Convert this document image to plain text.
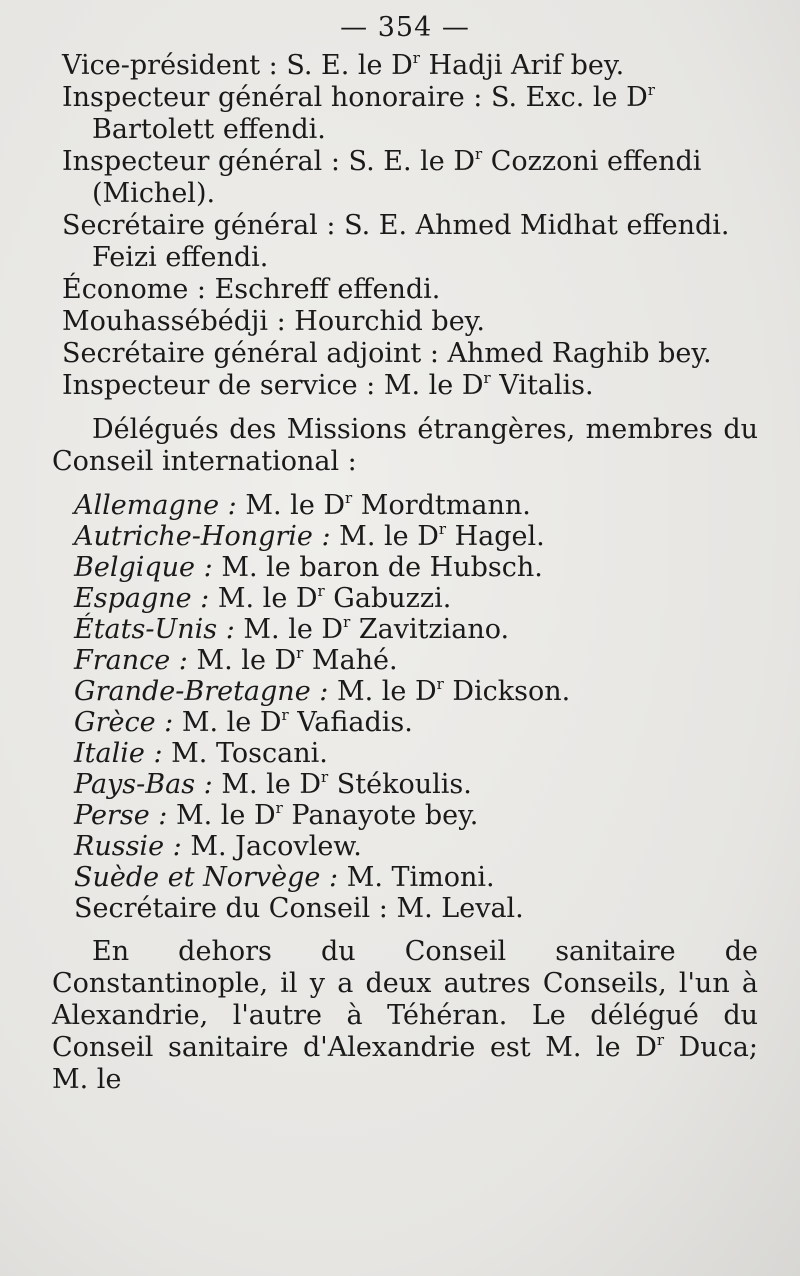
— 354 —

Vice-président : S. E. le $D^r$ Hadji Arif bey.

Inspecteur général honoraire : S. Exc. le $D^r$ Bartolett effendi.

Inspecteur général : S. E. le $D^r$ Cozzoni effendi (Michel).

Secrétaire général : S. E. Ahmed Midhat effendi. Feizi effendi.

Économe : Eschreff effendi.

Mouhassébédji : Hourchid bey.

Secrétaire général adjoint : Ahmed Raghib bey.

Inspecteur de service : M. le $D^r$ Vitalis.

Délégués des Missions étrangères, membres du Conseil international :

Allemagne : M. le $D^r$ Mordtmann.

Autriche-Hongrie : M. le $D^r$ Hagel.

Belgique : M. le baron de Hubsch.

Espagne : M. le $D^r$ Gabuzzi.

États-Unis : M. le $D^r$ Zavitziano.

France : M. le $D^r$ Mahé.

Grande-Bretagne : M. le $D^r$ Dickson.

Grèce : M. le $D^r$ Vafiadis.

Italie : M. Toscani.

Pays-Bas : M. le $D^r$ Stékoulis.

Perse : M. le $D^r$ Panayote bey.

Russie : M. Jacovlew.

Suède et Norvège : M. Timoni.

Secrétaire du Conseil : M. Leval.

En dehors du Conseil sanitaire de Constantinople, il y a deux autres Conseils, l'un à Alexandrie, l'autre à Téhéran. Le délégué du Conseil sanitaire d'Alexandrie est M. le $D^r$ Duca; M. le
